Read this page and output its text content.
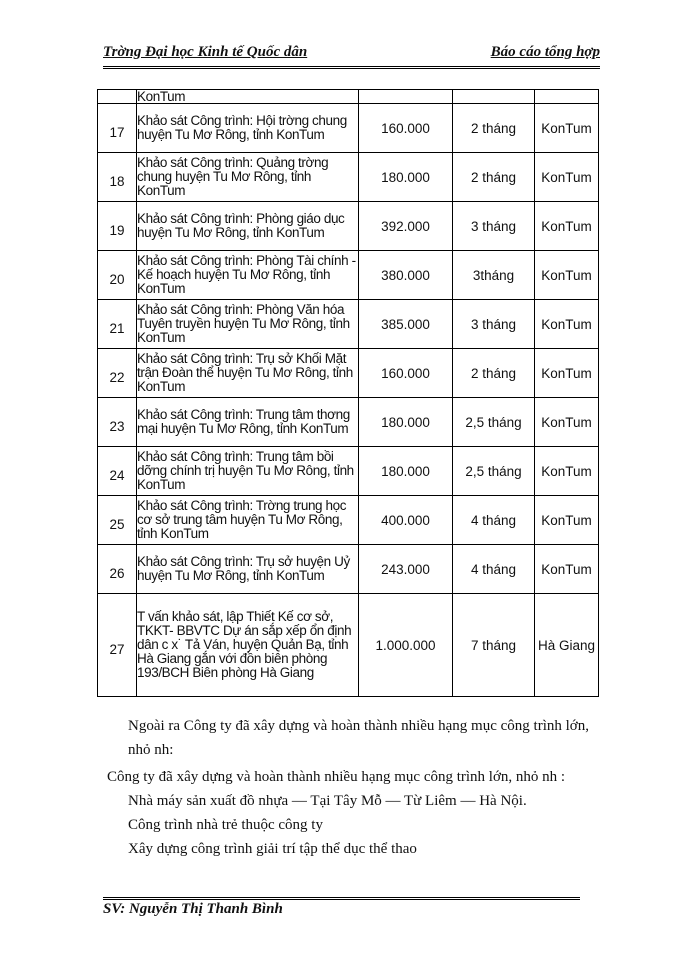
Trờng Đại học Kinh tế Quốc dân	Báo cáo tổng hợp
	KonTum			
17	Khảo sát Công trình: Hội trờng chung huyện Tu Mơ Rông, tỉnh KonTum	160.000	2 tháng	KonTum
18	Khảo sát Công trình: Quảng trờng chung huyện Tu Mơ Rông, tỉnh KonTum	180.000	2 tháng	KonTum
19	Khảo sát Công trình: Phòng giáo dục huyện Tu Mơ Rông, tỉnh KonTum	392.000	3 tháng	KonTum
20	Khảo sát Công trình: Phòng Tài chính - Kế hoạch huyện Tu Mơ Rông, tỉnh KonTum	380.000	3tháng	KonTum
21	Khảo sát Công trình: Phòng Văn hóa Tuyên truyền huyện Tu Mơ Rông, tỉnh KonTum	385.000	3 tháng	KonTum
22	Khảo sát Công trình: Trụ sở Khối Mặt trận Đoàn thể huyện Tu Mơ Rông, tỉnh KonTum	160.000	2 tháng	KonTum
23	Khảo sát Công trình: Trung tâm thơng mại huyện Tu Mơ Rông, tỉnh KonTum	180.000	2,5 tháng	KonTum
24	Khảo sát Công trình: Trung tâm bồi dỡng chính trị huyện Tu Mơ Rông, tỉnh KonTum	180.000	2,5 tháng	KonTum
25	Khảo sát Công trình: Trờng trung học cơ sở trung tâm huyện Tu Mơ Rông, tỉnh KonTum	400.000	4 tháng	KonTum
26	Khảo sát Công trình: Trụ sở huyện Uỷ huyện Tu Mơ Rông, tỉnh KonTum	243.000	4 tháng	KonTum
27	T vấn khảo sát, lập Thiết Kế cơ sở, TKKT- BBVTC Dự án sắp xếp ổn định dân c x˙ Tả Ván, huyện Quản Bạ, tỉnh Hà Giang gắn với đồn biên phòng 193/BCH Biên phòng Hà Giang	1.000.000	7 tháng	Hà Giang
Ngoài ra Công ty đã xây dựng và hoàn thành nhiều hạng mục công trình lớn, nhỏ nh:
Công ty đã xây dựng và hoàn thành nhiều hạng mục công trình lớn, nhỏ nh :
Nhà máy sản xuất đồ nhựa — Tại Tây Mỗ — Từ Liêm — Hà Nội.
Công trình nhà trẻ thuộc công ty
Xây dựng công trình giải trí tập thể dục thể thao
SV: Nguyễn Thị Thanh Bình
